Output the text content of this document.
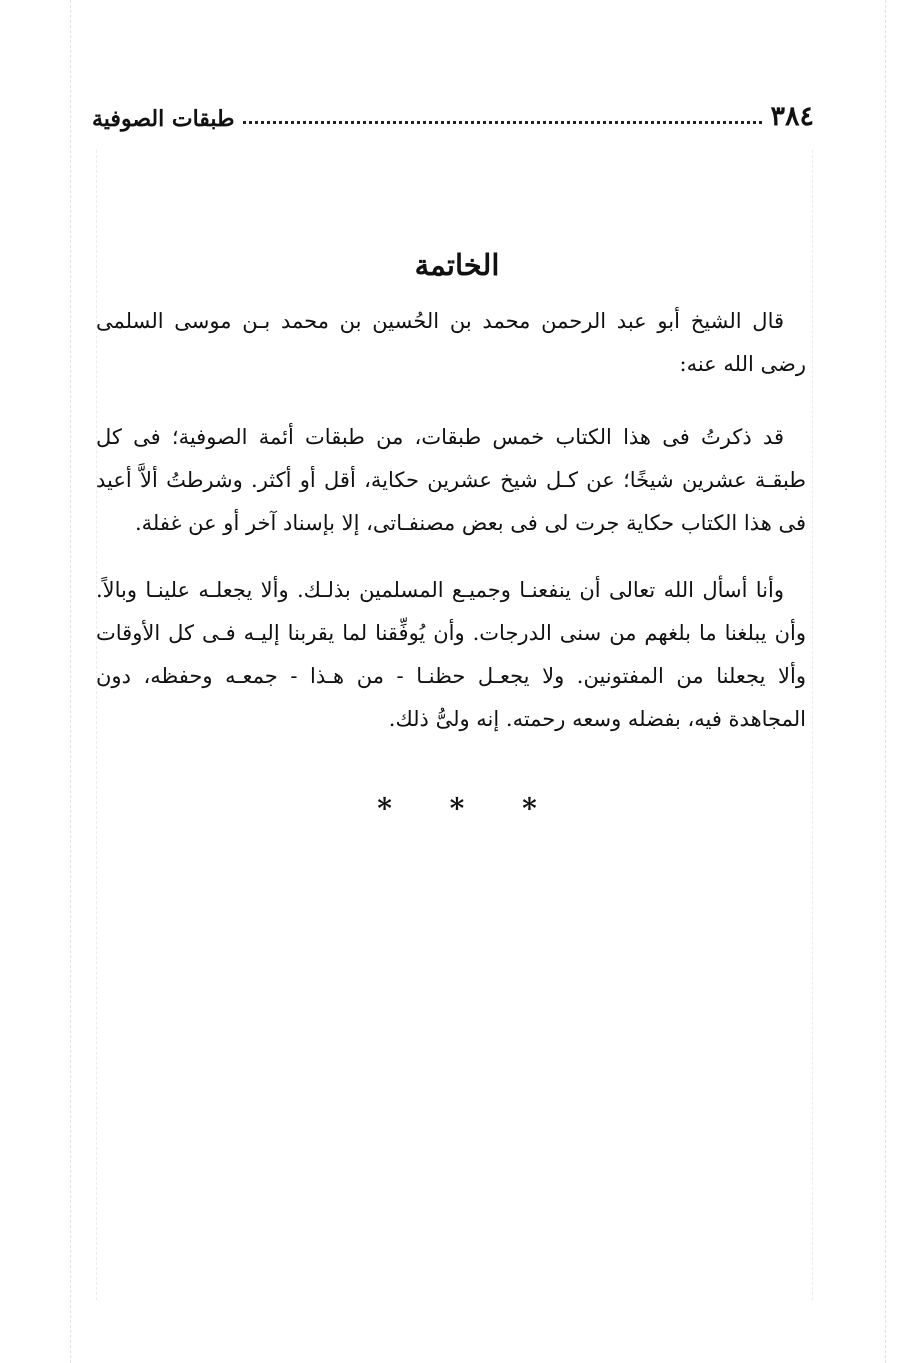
٣٨٤
طبقات الصوفية
الخاتمة

قال الشيخ أبو عبد الرحمن محمد بن الحُسين بن محمد بـن موسى السلمى رضى الله عنه:

قد ذكرتُ فى هذا الكتاب خمس طبقات، من طبقات أئمة الصوفية؛ فى كل طبقـة عشرين شيخًا؛ عن كـل شيخ عشرين حكاية، أقل أو أكثر. وشرطتُ ألاَّ أعيد فى هذا الكتاب حكاية جرت لى فى بعض مصنفـاتى، إلا بإسناد آخر أو عن غفلة.

وأنا أسأل الله تعالى أن ينفعنـا وجميـع المسلمين بذلـك. وألا يجعلـه علينـا وبالاً. وأن يبلغنا ما بلغهم من سنى الدرجات. وأن يُوفِّقنا لما يقربنا إليـه فـى كل الأوقات وألا يجعلنا من المفتونين. ولا يجعـل حظنـا - من هـذا - جمعـه وحفظه، دون المجاهدة فيه، بفضله وسعه رحمته. إنه ولىُّ ذلك.

* * *
